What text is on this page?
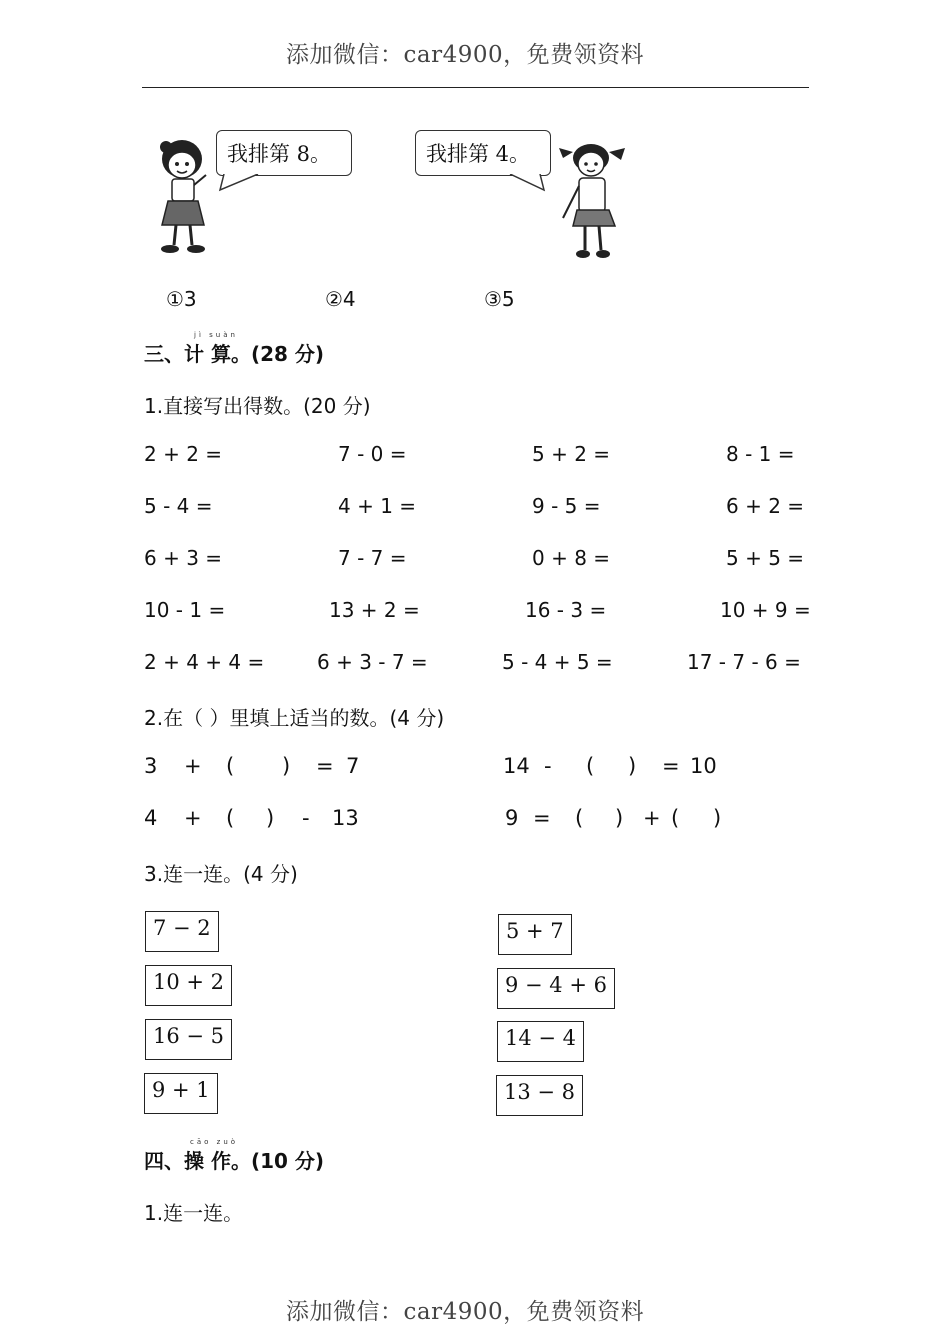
添加微信：car4900，免费领资料
我排第 8。	我排第 4。
①3	②4	③5
jì suàn
三、计 算。(28 分)
1.直接写出得数。(20 分)
2 + 2 =	7 - 0 =	5 + 2 =	8 - 1 =
5 - 4 =	4 + 1 =	9 - 5 =	6 + 2 =
6 + 3 =	7 - 7 =	0 + 8 =	5 + 5 =
10 - 1 =	13 + 2 =	16 - 3 =	10 + 9 =
2 + 4 + 4 =	6 + 3 - 7 =	5 - 4 + 5 =	17 - 7 - 6 =
2.在（ ）里填上适当的数。(4 分)
3 + ( ) = 7	14 - ( ) = 10
4 + ( ) - 13	9 = ( ) + ( )
3.连一连。(4 分)
7 − 2
10 + 2
16 − 5
9 + 1
5 + 7
9 − 4 + 6
14 − 4
13 − 8
cāo zuò
四、操 作。(10 分)
1.连一连。
添加微信：car4900，免费领资料
